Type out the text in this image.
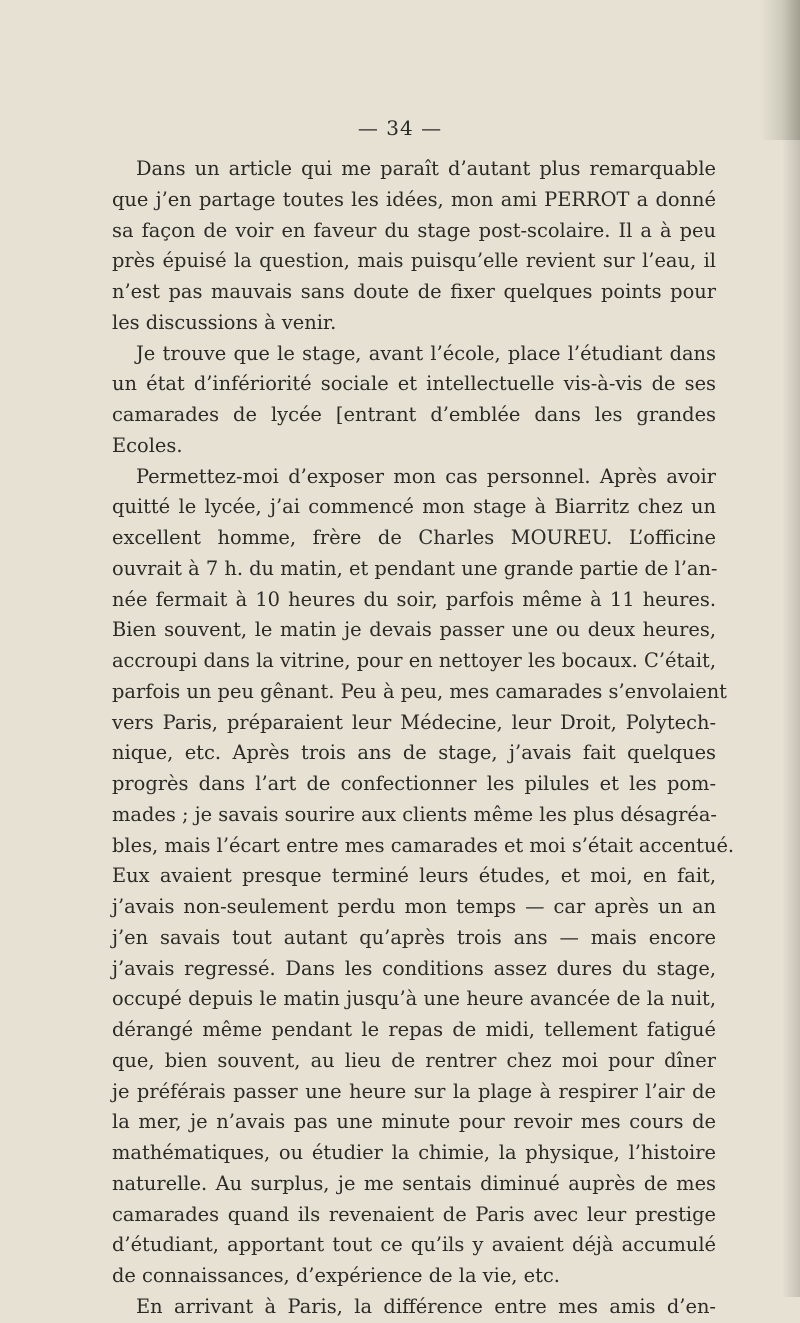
— 34 —
Dans un article qui me paraît d’autant plus remarquable
que j’en partage toutes les idées, mon ami PERROT a donné
sa façon de voir en faveur du stage post-scolaire. Il a à peu
près épuisé la question, mais puisqu’elle revient sur l’eau, il
n’est pas mauvais sans doute de fixer quelques points pour
les discussions à venir.
Je trouve que le stage, avant l’école, place l’étudiant dans
un état d’infériorité sociale et intellectuelle vis-à-vis de ses
camarades de lycée [entrant d’emblée dans les grandes
Ecoles.
Permettez-moi d’exposer mon cas personnel. Après avoir
quitté le lycée, j’ai commencé mon stage à Biarritz chez un
excellent homme, frère de Charles MOUREU. L’officine
ouvrait à 7 h. du matin, et pendant une grande partie de l’an-
née fermait à 10 heures du soir, parfois même à 11 heures.
Bien souvent, le matin je devais passer une ou deux heures,
accroupi dans la vitrine, pour en nettoyer les bocaux. C’était,
parfois un peu gênant. Peu à peu, mes camarades s’envolaient
vers Paris, préparaient leur Médecine, leur Droit, Polytech-
nique, etc. Après trois ans de stage, j’avais fait quelques
progrès dans l’art de confectionner les pilules et les pom-
mades ; je savais sourire aux clients même les plus désagréa-
bles, mais l’écart entre mes camarades et moi s’était accentué.
Eux avaient presque terminé leurs études, et moi, en fait,
j’avais non-seulement perdu mon temps — car après un an
j’en savais tout autant qu’après trois ans — mais encore
j’avais regressé. Dans les conditions assez dures du stage,
occupé depuis le matin jusqu’à une heure avancée de la nuit,
dérangé même pendant le repas de midi, tellement fatigué
que, bien souvent, au lieu de rentrer chez moi pour dîner
je préférais passer une heure sur la plage à respirer l’air de
la mer, je n’avais pas une minute pour revoir mes cours de
mathématiques, ou étudier la chimie, la physique, l’histoire
naturelle. Au surplus, je me sentais diminué auprès de mes
camarades quand ils revenaient de Paris avec leur prestige
d’étudiant, apportant tout ce qu’ils y avaient déjà accumulé
de connaissances, d’expérience de la vie, etc.
En arrivant à Paris, la différence entre mes amis d’en-
